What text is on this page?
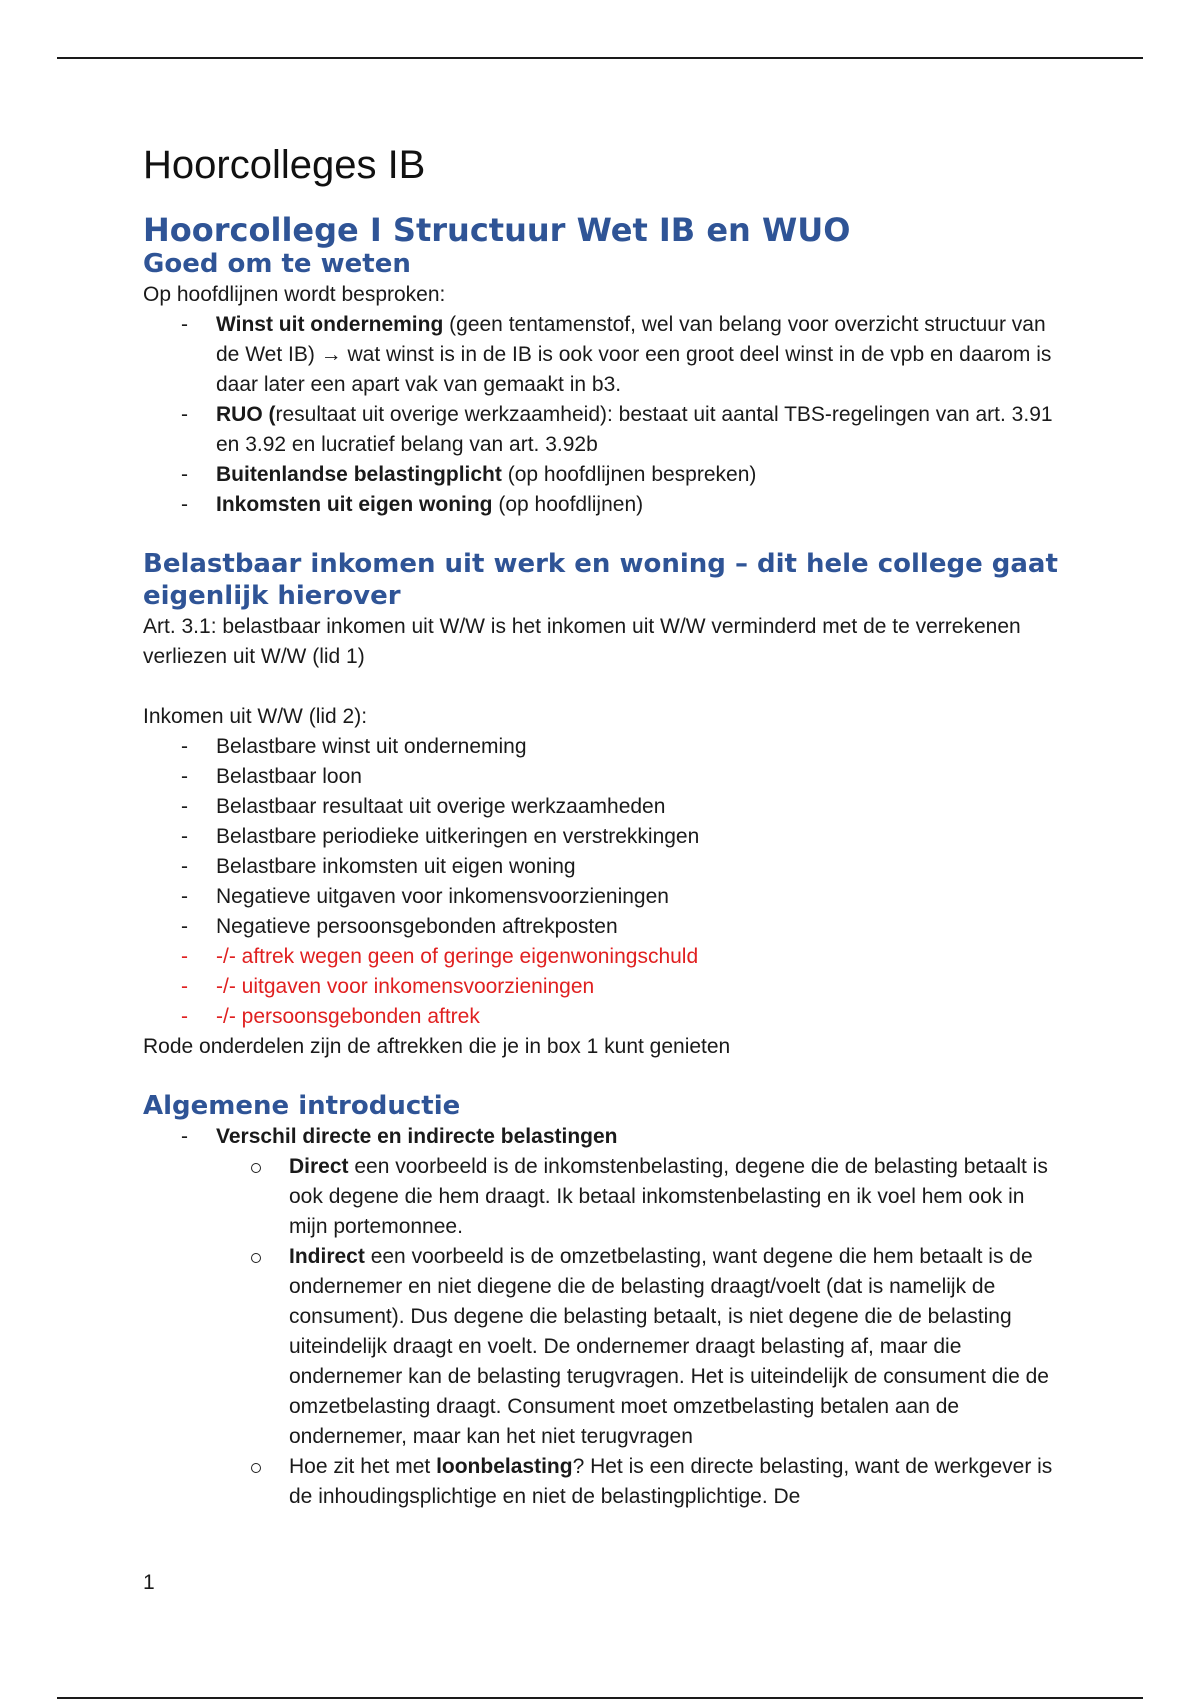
Hoorcolleges IB
Hoorcollege I Structuur Wet IB en WUO
Goed om te weten

Op hoofdlijnen wordt besproken:

- Winst uit onderneming (geen tentamenstof, wel van belang voor overzicht structuur van de Wet IB) → wat winst is in de IB is ook voor een groot deel winst in de vpb en daarom is daar later een apart vak van gemaakt in b3.
- RUO (resultaat uit overige werkzaamheid): bestaat uit aantal TBS-regelingen van art. 3.91 en 3.92 en lucratief belang van art. 3.92b
- Buitenlandse belastingplicht (op hoofdlijnen bespreken)
- Inkomsten uit eigen woning (op hoofdlijnen)
Belastbaar inkomen uit werk en woning – dit hele college gaat eigenlijk hierover

Art. 3.1: belastbaar inkomen uit W/W is het inkomen uit W/W verminderd met de te verrekenen verliezen uit W/W (lid 1)

Inkomen uit W/W (lid 2):

- Belastbare winst uit onderneming
- Belastbaar loon
- Belastbaar resultaat uit overige werkzaamheden
- Belastbare periodieke uitkeringen en verstrekkingen
- Belastbare inkomsten uit eigen woning
- Negatieve uitgaven voor inkomensvoorzieningen
- Negatieve persoonsgebonden aftrekposten
- -/- aftrek wegen geen of geringe eigenwoningschuld
- -/- uitgaven voor inkomensvoorzieningen
- -/- persoonsgebonden aftrek

Rode onderdelen zijn de aftrekken die je in box 1 kunt genieten

Algemene introductie
- Verschil directe en indirecte belastingen
Direct een voorbeeld is de inkomstenbelasting, degene die de belasting betaalt is ook degene die hem draagt. Ik betaal inkomstenbelasting en ik voel hem ook in mijn portemonnee.
Indirect een voorbeeld is de omzetbelasting, want degene die hem betaalt is de ondernemer en niet diegene die de belasting draagt/voelt (dat is namelijk de consument). Dus degene die belasting betaalt, is niet degene die de belasting uiteindelijk draagt en voelt. De ondernemer draagt belasting af, maar die ondernemer kan de belasting terugvragen. Het is uiteindelijk de consument die de omzetbelasting draagt. Consument moet omzetbelasting betalen aan de ondernemer, maar kan het niet terugvragen
Hoe zit het met loonbelasting? Het is een directe belasting, want de werkgever is de inhoudingsplichtige en niet de belastingplichtige. De
1
